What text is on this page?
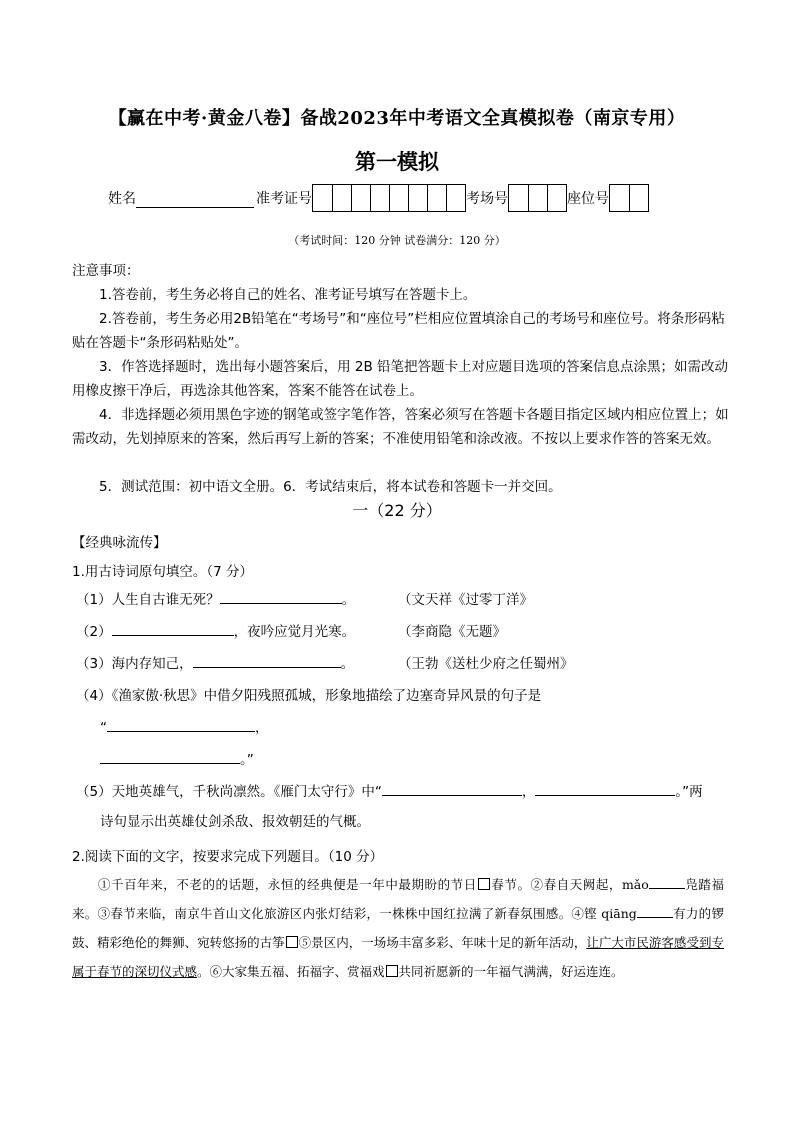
【赢在中考·黄金八卷】备战2023年中考语文全真模拟卷（南京专用）
第一模拟
姓名	准考证号	考场号	座位号
（考试时间：120 分钟 试卷满分：120 分）
注意事项：
1.答卷前，考生务必将自己的姓名、准考证号填写在答题卡上。
2.答卷前，考生务必用2B铅笔在“考场号”和“座位号”栏相应位置填涂自己的考场号和座位号。将条形码粘贴在答题卡“条形码粘贴处”。
3．作答选择题时，选出每小题答案后，用 2B 铅笔把答题卡上对应题目选项的答案信息点涂黑；如需改动用橡皮擦干净后，再选涂其他答案，答案不能答在试卷上。
4．非选择题必须用黑色字迹的钢笔或签字笔作答，答案必须写在答题卡各题目指定区域内相应位置上；如需改动，先划掉原来的答案，然后再写上新的答案；不准使用铅笔和涂改液。不按以上要求作答的答案无效。
5．测试范围：初中语文全册。6．考试结束后，将本试卷和答题卡一并交回。
一（22 分）
【经典咏流传】
1.用古诗词原句填空。（7 分）
（1）人生自古谁无死？	。	（文天祥《过零丁洋》
（2）	，夜吟应觉月光寒。	（李商隐《无题》
（3）海内存知己，	。	（王勃《送杜少府之任蜀州》
（4）《渔家傲·秋思》中借夕阳残照孤城，形象地描绘了边塞奇异风景的句子是
“	，
。”
（5）天地英雄气，千秋尚凛然。《雁门太守行》中“	，	。”两
诗句显示出英雄仗剑杀敌、报效朝廷的气概。
2.阅读下面的文字，按要求完成下列题目。（10 分）
①千百年来，不老的的话题，永恒的经典便是一年中最期盼的节日 春节。②春自天阙起，mǎo	凫踏福来。③春节来临，南京牛首山文化旅游区内张灯结彩，一株株中国红拉满了新春氛围感。④铿 qiāng	有力的锣鼓、精彩绝伦的舞狮、宛转悠扬的古筝 ⑤景区内，一场场丰富多彩、年味十足的新年活动，让广大市民游客感受到专属于春节的深切仪式感。⑥大家集五福、拓福字、赏福戏 共同祈愿新的一年福气满满，好运连连。
